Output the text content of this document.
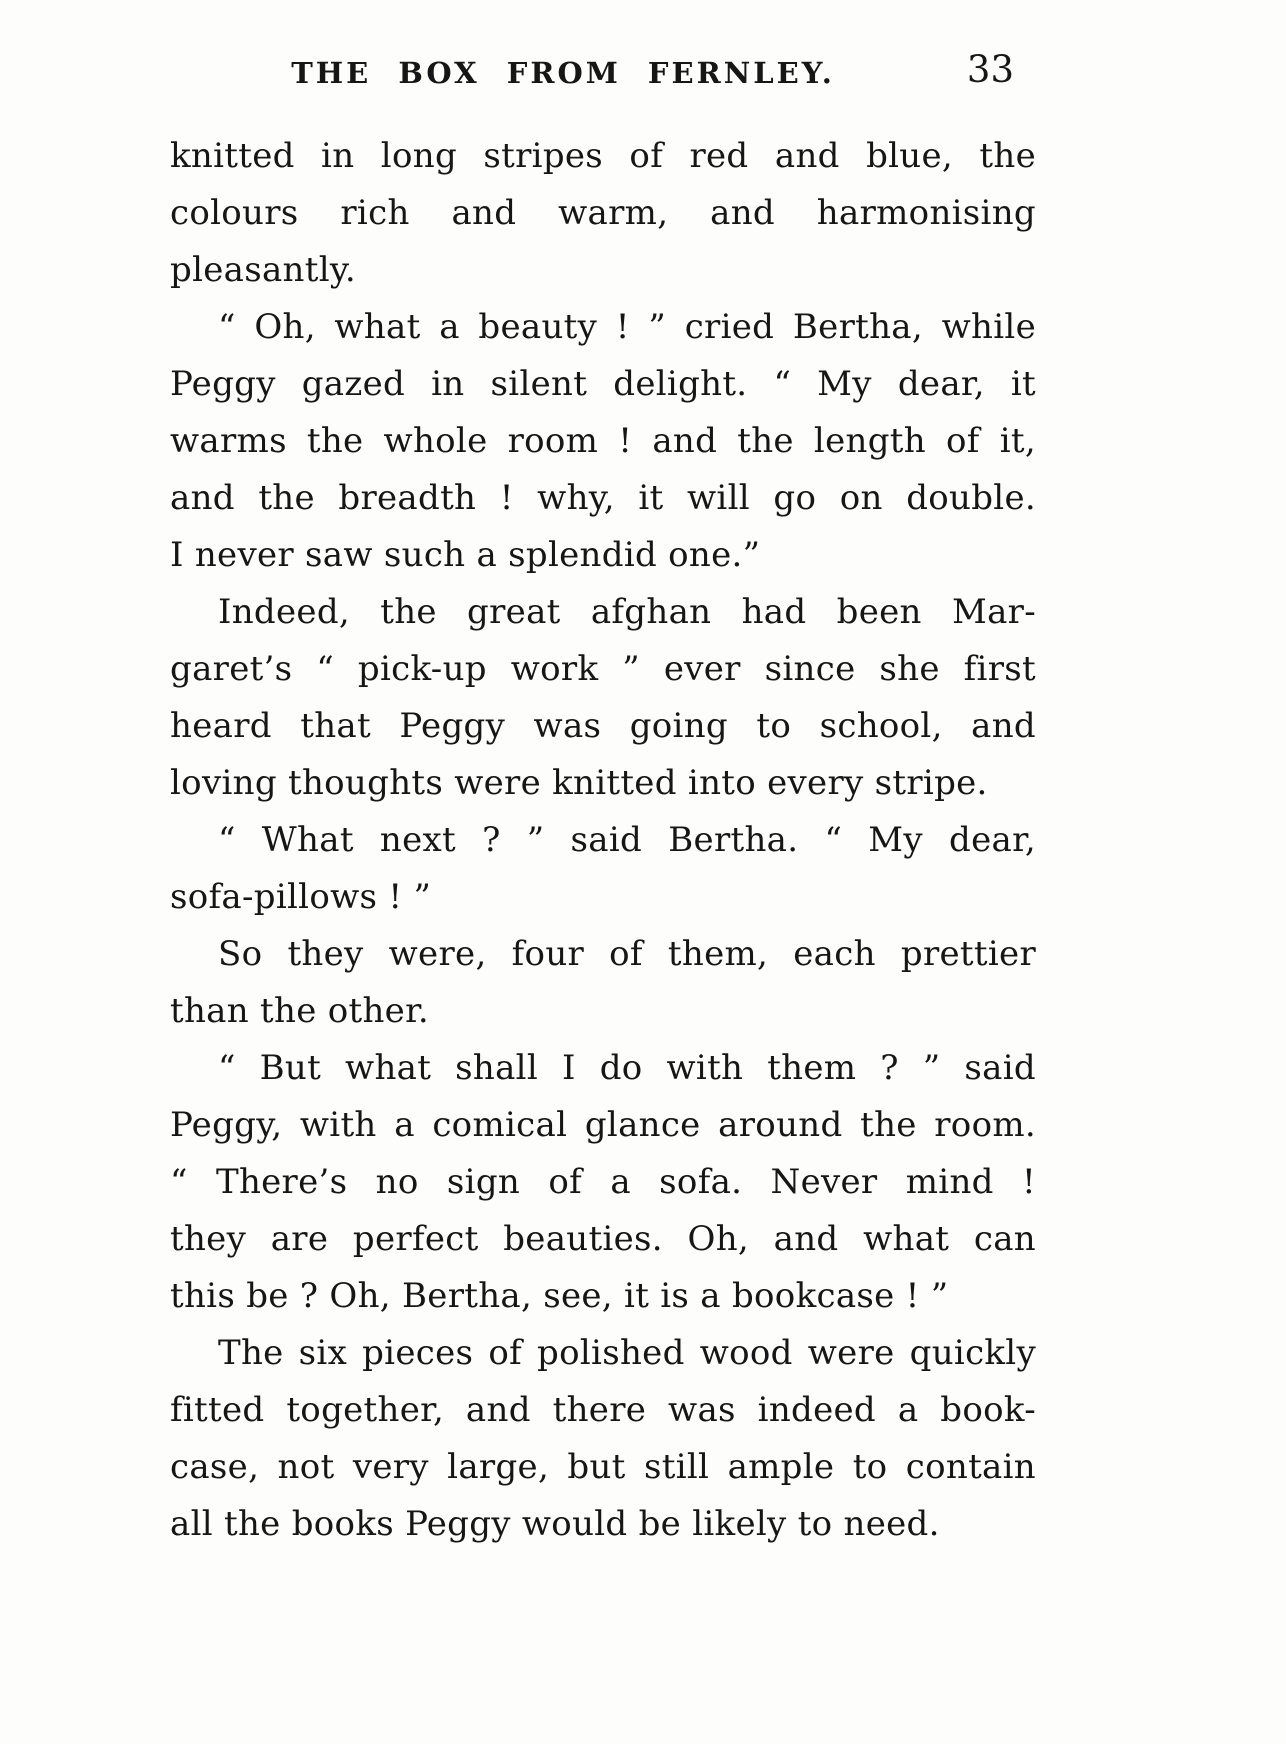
THE BOX FROM FERNLEY.	33
knitted in long stripes of red and blue, the
colours rich and warm, and harmonising
pleasantly.
“ Oh, what a beauty ! ” cried Bertha, while
Peggy gazed in silent delight. “ My dear, it
warms the whole room ! and the length of it,
and the breadth ! why, it will go on double.
I never saw such a splendid one.”
Indeed, the great afghan had been Mar-
garet’s “ pick-up work ” ever since she first
heard that Peggy was going to school, and
loving thoughts were knitted into every stripe.
“ What next ? ” said Bertha. “ My dear,
sofa-pillows ! ”
So they were, four of them, each prettier
than the other.
“ But what shall I do with them ? ” said
Peggy, with a comical glance around the room.
“ There’s no sign of a sofa. Never mind !
they are perfect beauties. Oh, and what can
this be ? Oh, Bertha, see, it is a bookcase ! ”
The six pieces of polished wood were quickly
fitted together, and there was indeed a book-
case, not very large, but still ample to contain
all the books Peggy would be likely to need.
